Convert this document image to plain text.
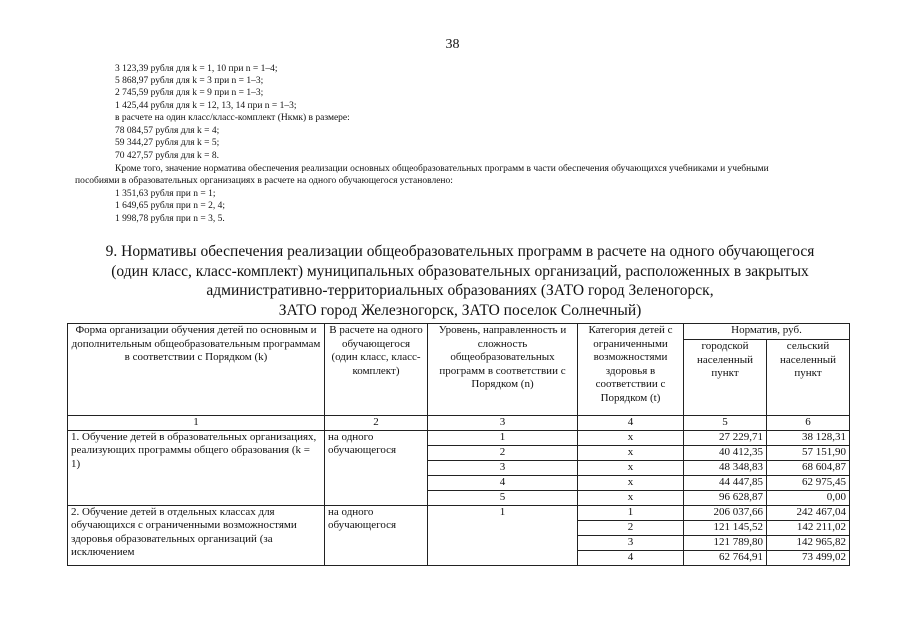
38
3 123,39 рубля для k = 1, 10 при n = 1–4;
5 868,97 рубля для k = 3 при n = 1–3;
2 745,59 рубля для k = 9 при n = 1–3;
1 425,44 рубля для k = 12, 13, 14 при n = 1–3;
в расчете на один класс/класс-комплект (Нкмк) в размере:
78 084,57 рубля для k = 4;
59 344,27 рубля для k = 5;
70 427,57 рубля для k = 8.
Кроме того, значение норматива обеспечения реализации основных общеобразовательных программ в части обеспечения обучающихся учебниками и учебными
пособиями в образовательных организациях в расчете на одного обучающегося установлено:
1 351,63 рубля при n = 1;
1 649,65 рубля при n = 2, 4;
1 998,78 рубля при n = 3, 5.
9. Нормативы обеспечения реализации общеобразовательных программ в расчете на одного обучающегося
(один класс, класс-комплект) муниципальных образовательных организаций, расположенных в закрытых
административно-территориальных образованиях (ЗАТО город Зеленогорск,
ЗАТО город Железногорск, ЗАТО поселок Солнечный)
Форма организации обучения детей по основным и дополнительным общеобразовательным программам в соответствии с Порядком (k)	В расчете на одного обучающегося (один класс, класс-комплект)	Уровень, направленность и сложность общеобразовательных программ в соответствии с Порядком (n)	Категория детей с ограниченными возможностями здоровья в соответствии с Порядком (t)	Норматив, руб.	
				городской населенный пункт	сельский населенный пункт
1	2	3	4	5	6
1. Обучение детей в образовательных организациях, реализующих программы общего образования (k = 1)	на одного обучающегося	1	x	27 229,71	38 128,31
		2	x	40 412,35	57 151,90
		3	x	48 348,83	68 604,87
		4	x	44 447,85	62 975,45
		5	x	96 628,87	0,00
2. Обучение детей в отдельных классах для обучающихся с ограниченными возможностями здоровья образовательных организаций (за исключением	на одного обучающегося	1	1	206 037,66	242 467,04
			2	121 145,52	142 211,02
			3	121 789,80	142 965,82
			4	62 764,91	73 499,02
